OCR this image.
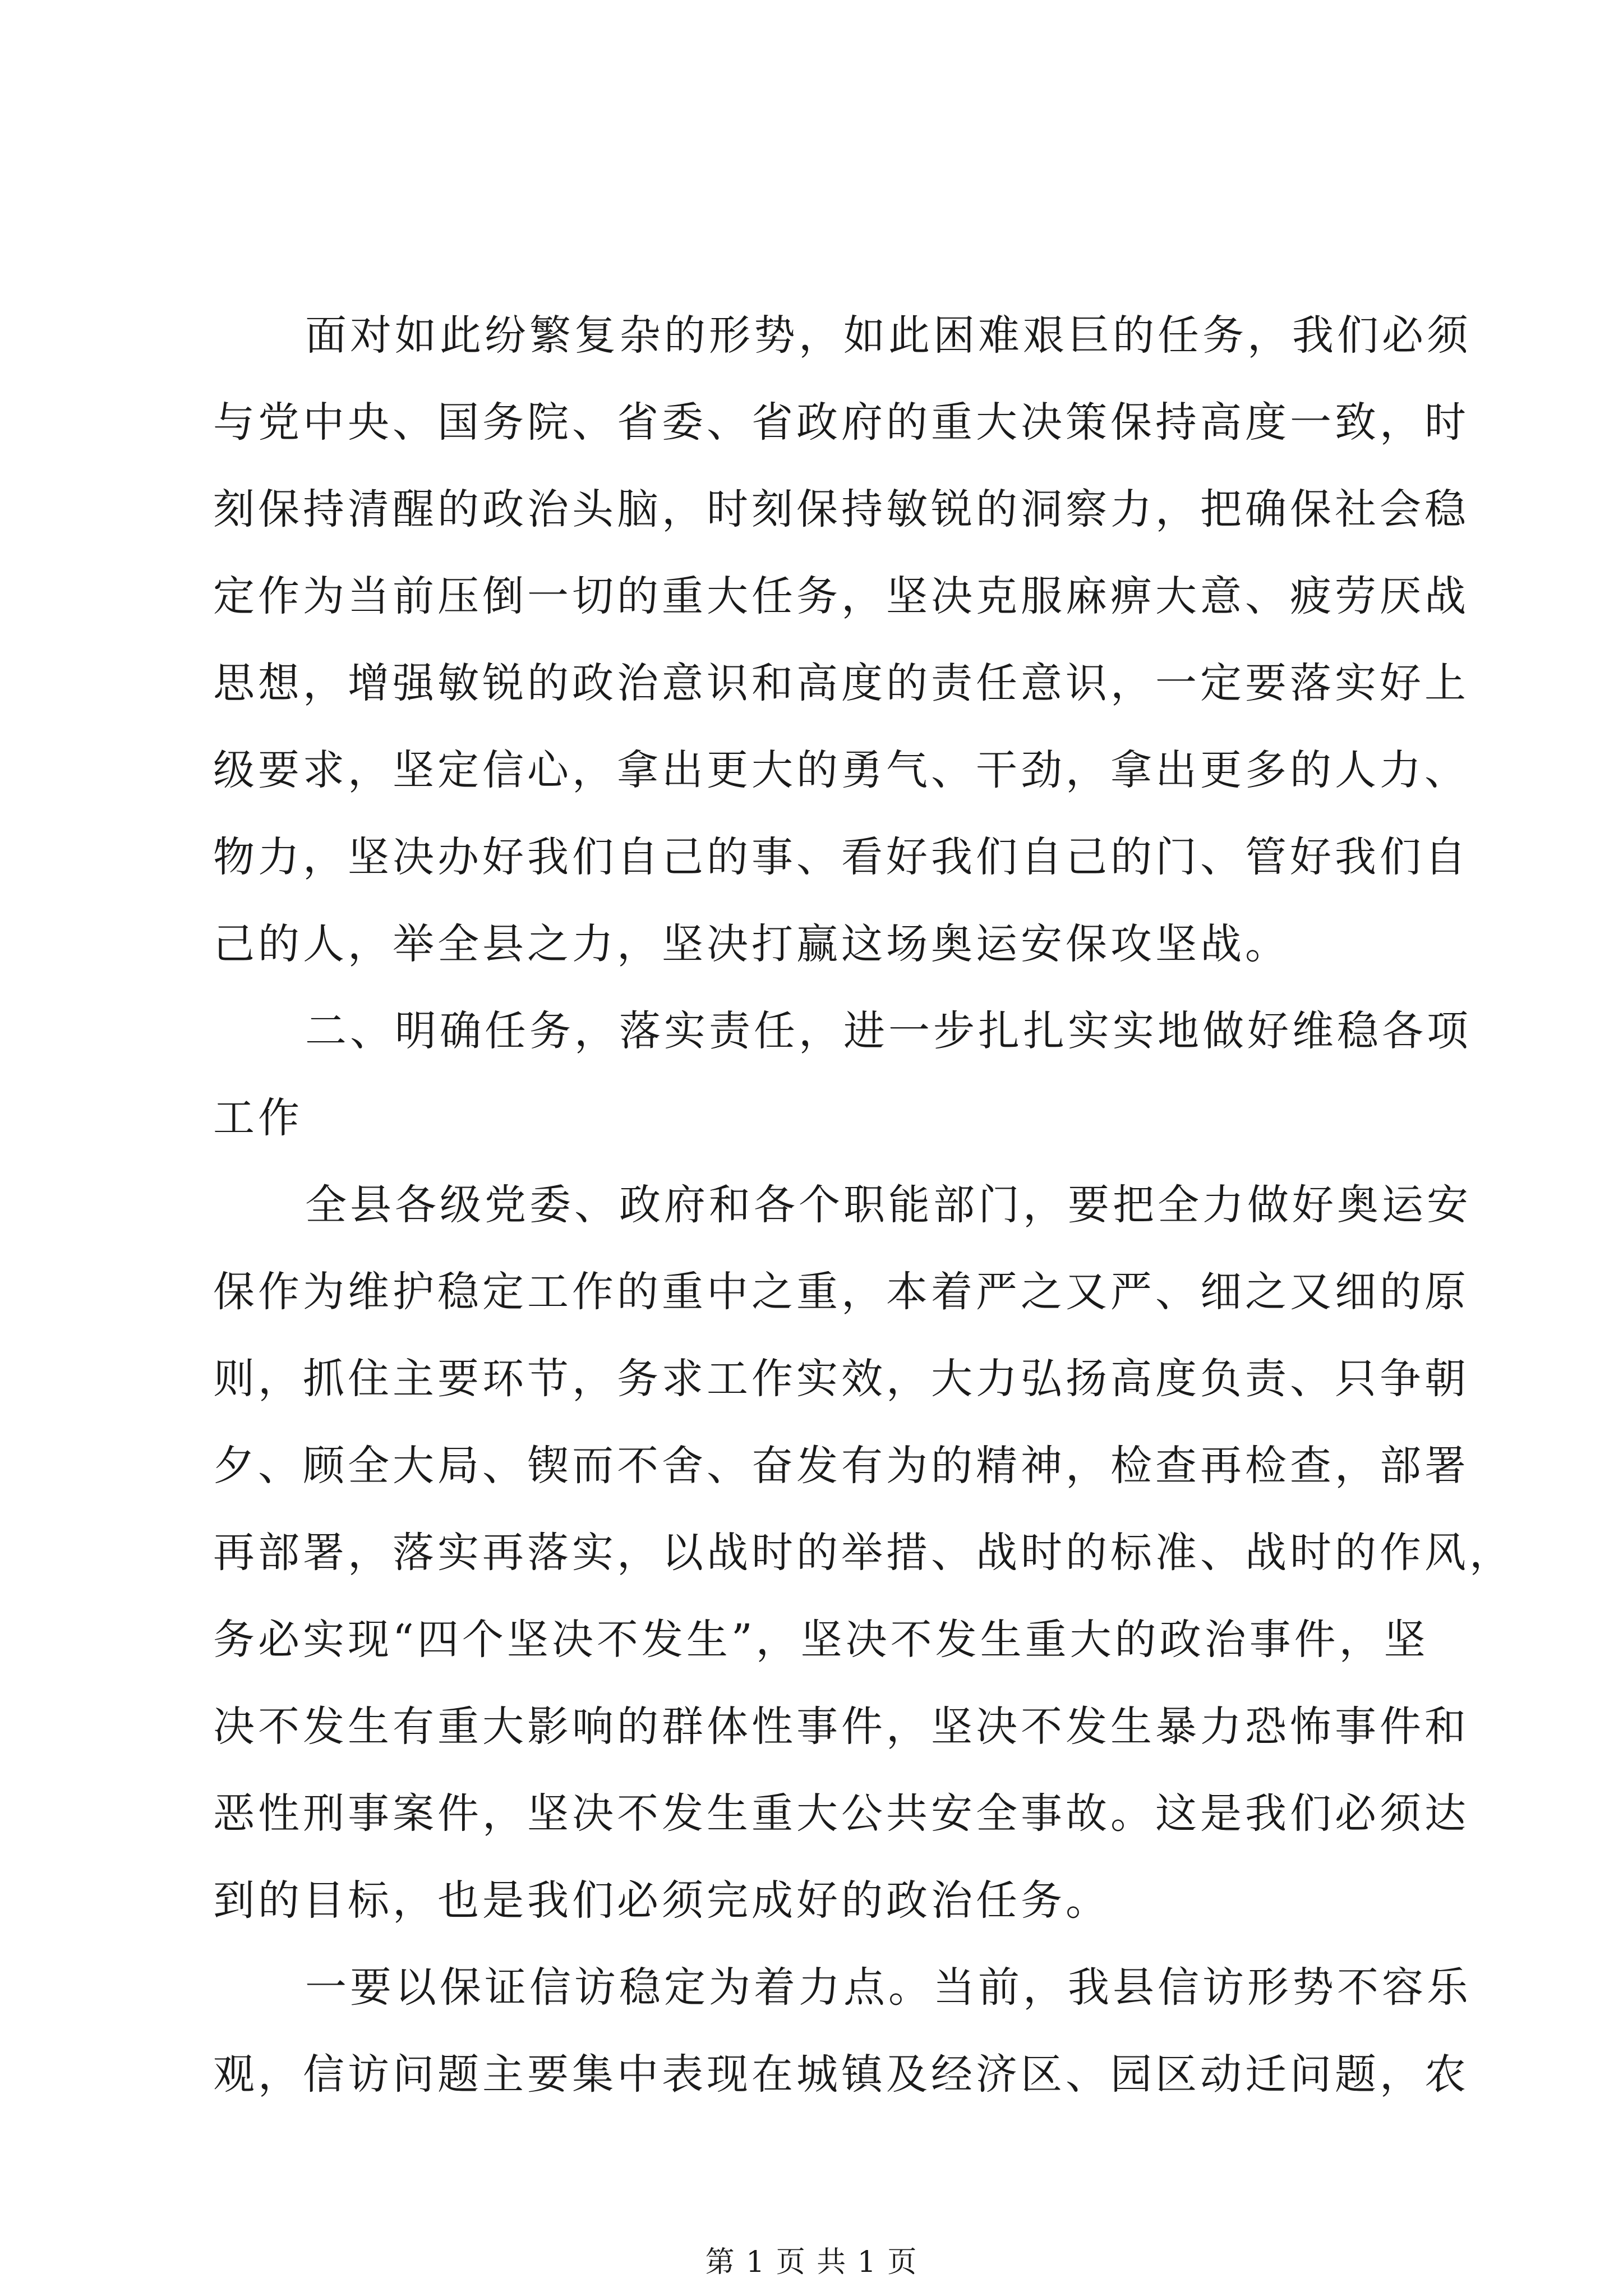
面对如此纷繁复杂的形势，如此困难艰巨的任务，我们必须
与党中央、国务院、省委、省政府的重大决策保持高度一致，时
刻保持清醒的政治头脑，时刻保持敏锐的洞察力，把确保社会稳
定作为当前压倒一切的重大任务，坚决克服麻痹大意、疲劳厌战
思想，增强敏锐的政治意识和高度的责任意识，一定要落实好上
级要求，坚定信心，拿出更大的勇气、干劲，拿出更多的人力、
物力，坚决办好我们自己的事、看好我们自己的门、管好我们自
己的人，举全县之力，坚决打赢这场奥运安保攻坚战。
二、明确任务，落实责任，进一步扎扎实实地做好维稳各项
工作
全县各级党委、政府和各个职能部门，要把全力做好奥运安
保作为维护稳定工作的重中之重，本着严之又严、细之又细的原
则，抓住主要环节，务求工作实效，大力弘扬高度负责、只争朝
夕、顾全大局、锲而不舍、奋发有为的精神，检查再检查，部署
再部署，落实再落实，以战时的举措、战时的标准、战时的作风，
务必实现“四个坚决不发生”，坚决不发生重大的政治事件，坚
决不发生有重大影响的群体性事件，坚决不发生暴力恐怖事件和
恶性刑事案件，坚决不发生重大公共安全事故。这是我们必须达
到的目标，也是我们必须完成好的政治任务。
一要以保证信访稳定为着力点。当前，我县信访形势不容乐
观，信访问题主要集中表现在城镇及经济区、园区动迁问题，农
第 1 页 共 1 页
